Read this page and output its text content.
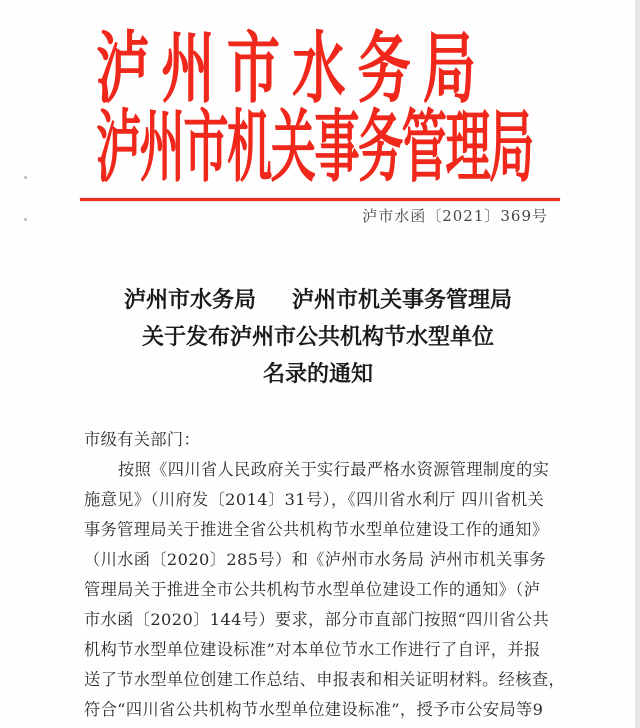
泸州市水务局
泸州市机关事务管理局
泸市水函〔2021〕369号
泸州市水务局 泸州市机关事务管理局
关于发布泸州市公共机构节水型单位
名录的通知
市级有关部门：
按照《四川省人民政府关于实行最严格水资源管理制度的实
施意见》（川府发〔2014〕31号），《四川省水利厅 四川省机关
事务管理局关于推进全省公共机构节水型单位建设工作的通知》
（川水函〔2020〕285号）和《泸州市水务局 泸州市机关事务
管理局关于推进全市公共机构节水型单位建设工作的通知》（泸
市水函〔2020〕144号）要求，部分市直部门按照“四川省公共
机构节水型单位建设标准”对本单位节水工作进行了自评，并报
送了节水型单位创建工作总结、申报表和相关证明材料。经核查，
符合“四川省公共机构节水型单位建设标准”，授予市公安局等9
